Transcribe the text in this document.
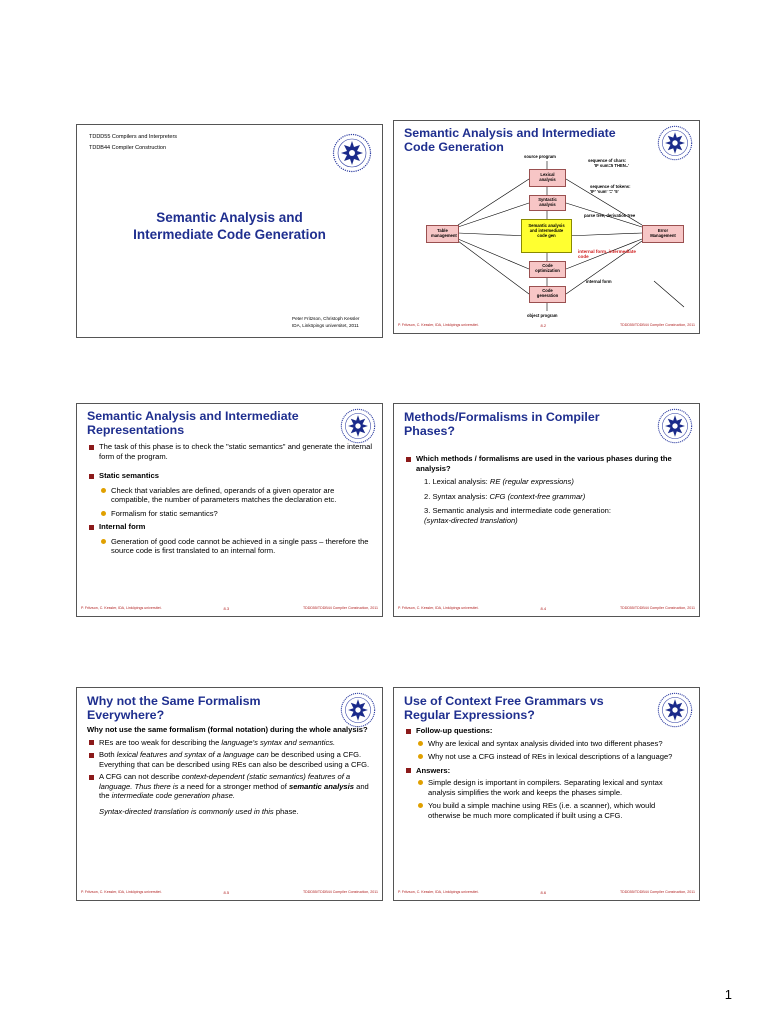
TDDD55 Compilers and Interpreters
TDDB44 Compiler Construction
Semantic Analysis and
Intermediate Code Generation
Peter Fritzson, Christoph Kessler
IDA, Linköpings universitet, 2011
Semantic Analysis and Intermediate Code Generation
source program
sequence of chars:
'IF sum=5 THEN..'
Lexical analysis
sequence of tokens:
'IF' 'sum' '=' '5'
Syntactic analysis
parse tree, derivation tree
Table management
Semantic analysis and intermediate code gen
Error Management
internal form, intermediate code
Code optimization
internal form
Code generation
object program
P. Fritzson, C. Kessler, IDA, Linköpings universitet.	8.2	TDDD55/TDDB44 Compiler Construction, 2011
Semantic Analysis and Intermediate Representations
The task of this phase is to check the "static semantics" and generate the internal form of the program.
Static semantics
Check that variables are defined, operands of a given operator are compatible, the number of parameters matches the declaration etc.
Formalism for static semantics?
Internal form
Generation of good code cannot be achieved in a single pass – therefore the source code is first translated to an internal form.
P. Fritzson, C. Kessler, IDA, Linköpings universitet.	8.3	TDDD55/TDDB44 Compiler Construction, 2011
Methods/Formalisms in Compiler Phases?
Which methods / formalisms are used in the various phases during the analysis?
1. Lexical analysis: RE (regular expressions)
2. Syntax analysis: CFG (context-free grammar)
3. Semantic analysis and intermediate code generation:
(syntax-directed translation)
P. Fritzson, C. Kessler, IDA, Linköpings universitet.	8.4	TDDD55/TDDB44 Compiler Construction, 2011
Why not the Same Formalism Everywhere?
Why not use the same formalism (formal notation) during the whole analysis?
REs are too weak for describing the language's syntax and semantics.
Both lexical features and syntax of a language can be described using a CFG. Everything that can be described using REs can also be described using a CFG.
A CFG can not describe context-dependent (static semantics) features of a language. Thus there is a need for a stronger method of semantic analysis and the intermediate code generation phase.
Syntax-directed translation is commonly used in this phase.
P. Fritzson, C. Kessler, IDA, Linköpings universitet.	8.5	TDDD55/TDDB44 Compiler Construction, 2011
Use of Context Free Grammars vs Regular Expressions?
Follow-up questions:
Why are lexical and syntax analysis divided into two different phases?
Why not use a CFG instead of REs in lexical descriptions of a language?
Answers:
Simple design is important in compilers. Separating lexical and syntax analysis simplifies the work and keeps the phases simple.
You build a simple machine using REs (i.e. a scanner), which would otherwise be much more complicated if built using a CFG.
P. Fritzson, C. Kessler, IDA, Linköpings universitet.	8.6	TDDD55/TDDB44 Compiler Construction, 2011
1
